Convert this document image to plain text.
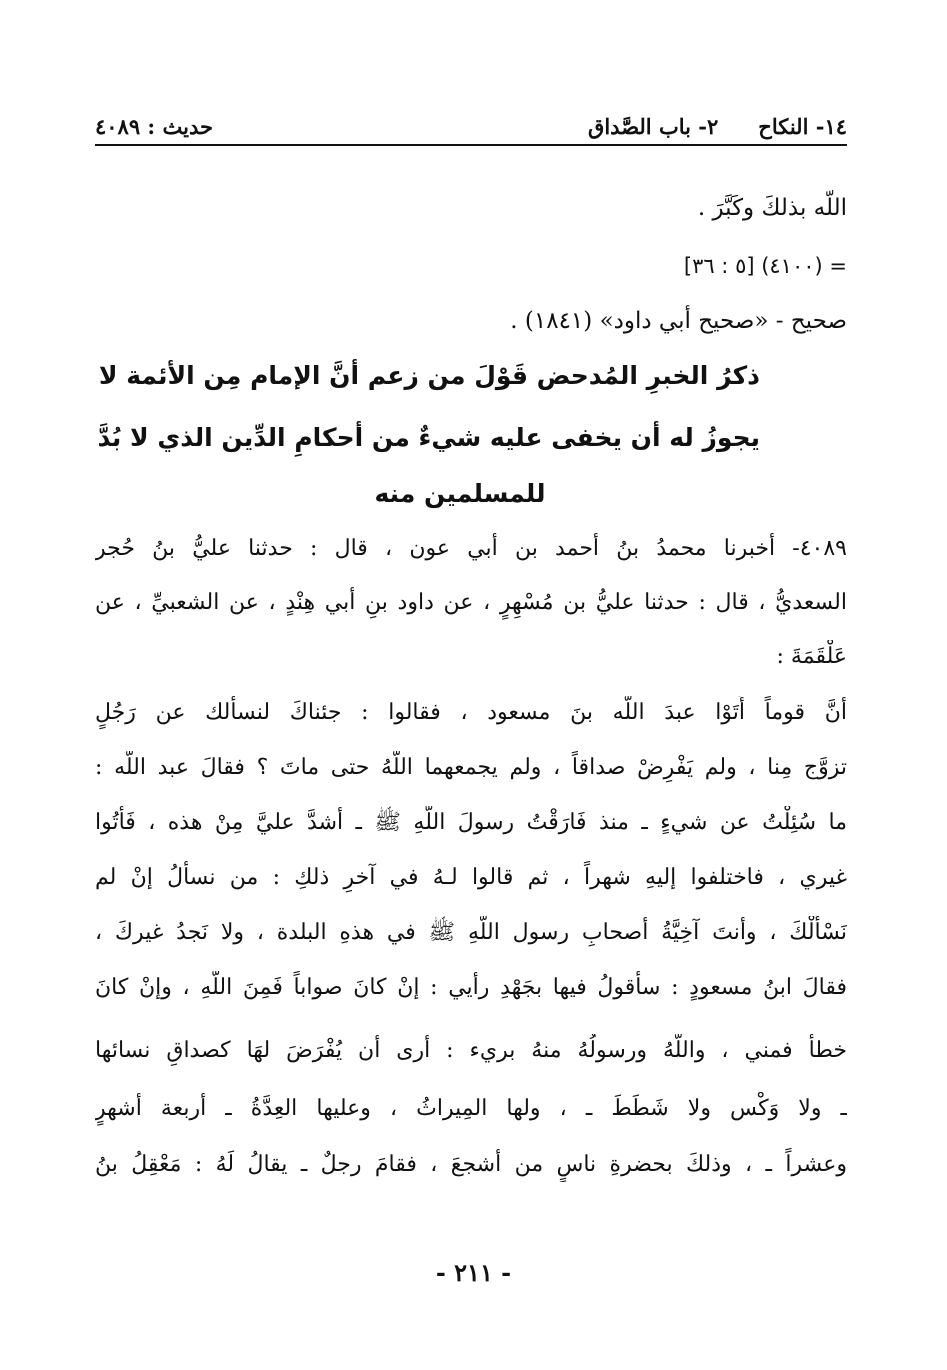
١٤- النكاح٢- باب الصَّداق
حديث : ٤٠٨٩
اللّه بذلكَ وكَبَّرَ .
= (٤١٠٠) [٥ : ٣٦]
صحيح - «صحيح أبي داود» (١٨٤١) .
ذكرُ الخبرِ المُدحض قَوْلَ من زعم أنَّ الإمام مِن الأئمة لا
يجوزُ له أن يخفى عليه شيءٌ من أحكامِ الدِّين الذي لا بُدَّ
للمسلمين منه
٤٠٨٩- أخبرنا محمدُ بنُ أحمد بن أبي عون ، قال : حدثنا عليُّ بنُ حُجر
السعديُّ ، قال : حدثنا عليُّ بن مُسْهِرٍ ، عن داود بنِ أبي هِنْدٍ ، عن الشعبيِّ ، عن
عَلْقَمَةَ :
أنَّ قوماً أَتَوْا عبدَ اللّه بنَ مسعود ، فقالوا : جئناكَ لنسألك عن رَجُلٍ
تزوَّج مِنا ، ولم يَفْرِضْ صداقاً ، ولم يجمعهما اللّهُ حتى ماتَ ؟ فقالَ عبد اللّه :
ما سُئِلْتُ عن شيءٍ ـ منذ فَارَقْتُ رسولَ اللّهِ ﷺ ـ أشدَّ عليَّ مِنْ هذه ، فَأْتُوا
غيري ، فاختلفوا إليهِ شهراً ، ثم قالوا لـهُ في آخرِ ذلكِ : من نسألُ إنْ لم
نَسْأَلْكَ ، وأنتَ آخِيَّةُ أصحابِ رسول اللّهِ ﷺ في هذهِ البلدة ، ولا نَجدُ غيركَ ،
فقالَ ابنُ مسعودٍ : سأقولُ فيها بجَهْدِ رأيي : إنْ كانَ صواباً فَمِنَ اللّهِ ، وإنْ كانَ
خطأً فمني ، واللّهُ ورسولُهُ منهُ بريء : أرى أن يُفْرَضَ لهَا كصداقِ نسائها
ـ ولا وَكْس ولا شَطَطَ ـ ، ولها المِيراثُ ، وعليها العِدَّةُ ـ أربعة أشهرٍ
وعشراً ـ ، وذلكَ بحضرةِ ناسٍ من أشجعَ ، فقامَ رجلٌ ـ يقالُ لَهُ : مَعْقِلُ بنُ
- ٢١١ -
